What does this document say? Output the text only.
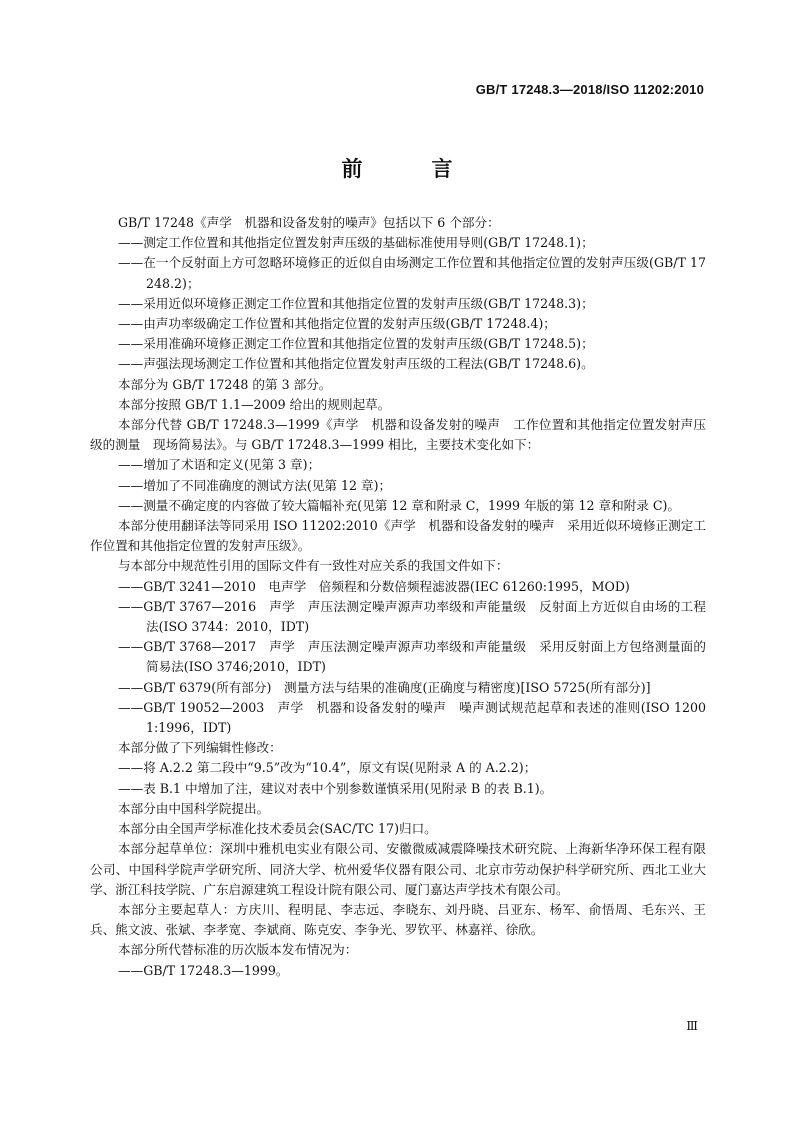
GB/T 17248.3—2018/ISO 11202:2010
前　言
GB/T 17248《声学　机器和设备发射的噪声》包括以下 6 个部分：
——测定工作位置和其他指定位置发射声压级的基础标准使用导则(GB/T 17248.1)；
——在一个反射面上方可忽略环境修正的近似自由场测定工作位置和其他指定位置的发射声压级(GB/T 17248.2)；
——采用近似环境修正测定工作位置和其他指定位置的发射声压级(GB/T 17248.3)；
——由声功率级确定工作位置和其他指定位置的发射声压级(GB/T 17248.4)；
——采用准确环境修正测定工作位置和其他指定位置的发射声压级(GB/T 17248.5)；
——声强法现场测定工作位置和其他指定位置发射声压级的工程法(GB/T 17248.6)。
本部分为 GB/T 17248 的第 3 部分。
本部分按照 GB/T 1.1—2009 给出的规则起草。
本部分代替 GB/T 17248.3—1999《声学　机器和设备发射的噪声　工作位置和其他指定位置发射声压级的测量　现场简易法》。与 GB/T 17248.3—1999 相比，主要技术变化如下：
——增加了术语和定义(见第 3 章)；
——增加了不同准确度的测试方法(见第 12 章)；
——测量不确定度的内容做了较大篇幅补充(见第 12 章和附录 C，1999 年版的第 12 章和附录 C)。
本部分使用翻译法等同采用 ISO 11202:2010《声学　机器和设备发射的噪声　采用近似环境修正测定工作位置和其他指定位置的发射声压级》。
与本部分中规范性引用的国际文件有一致性对应关系的我国文件如下：
——GB/T 3241—2010　电声学　倍频程和分数倍频程滤波器(IEC 61260:1995，MOD)
——GB/T 3767—2016　声学　声压法测定噪声源声功率级和声能量级　反射面上方近似自由场的工程法(ISO 3744：2010，IDT)
——GB/T 3768—2017　声学　声压法测定噪声源声功率级和声能量级　采用反射面上方包络测量面的简易法(ISO 3746;2010，IDT)
——GB/T 6379(所有部分)　测量方法与结果的准确度(正确度与精密度)[ISO 5725(所有部分)]
——GB/T 19052—2003　声学　机器和设备发射的噪声　噪声测试规范起草和表述的准则(ISO 12001:1996，IDT)
本部分做了下列编辑性修改：
——将 A.2.2 第二段中“9.5”改为“10.4”，原文有误(见附录 A 的 A.2.2)；
——表 B.1 中增加了注，建议对表中个别参数谨慎采用(见附录 B 的表 B.1)。
本部分由中国科学院提出。
本部分由全国声学标准化技术委员会(SAC/TC 17)归口。
本部分起草单位：深圳中雅机电实业有限公司、安徽微威减震降噪技术研究院、上海新华净环保工程有限公司、中国科学院声学研究所、同济大学、杭州爱华仪器有限公司、北京市劳动保护科学研究所、西北工业大学、浙江科技学院、广东启源建筑工程设计院有限公司、厦门嘉达声学技术有限公司。
本部分主要起草人：方庆川、程明昆、李志远、李晓东、刘丹晓、吕亚东、杨军、俞悟周、毛东兴、王兵、熊文波、张斌、李孝宽、李斌商、陈克安、李争光、罗钦平、林嘉祥、徐欣。
本部分所代替标准的历次版本发布情况为：
——GB/T 17248.3—1999。
Ⅲ
